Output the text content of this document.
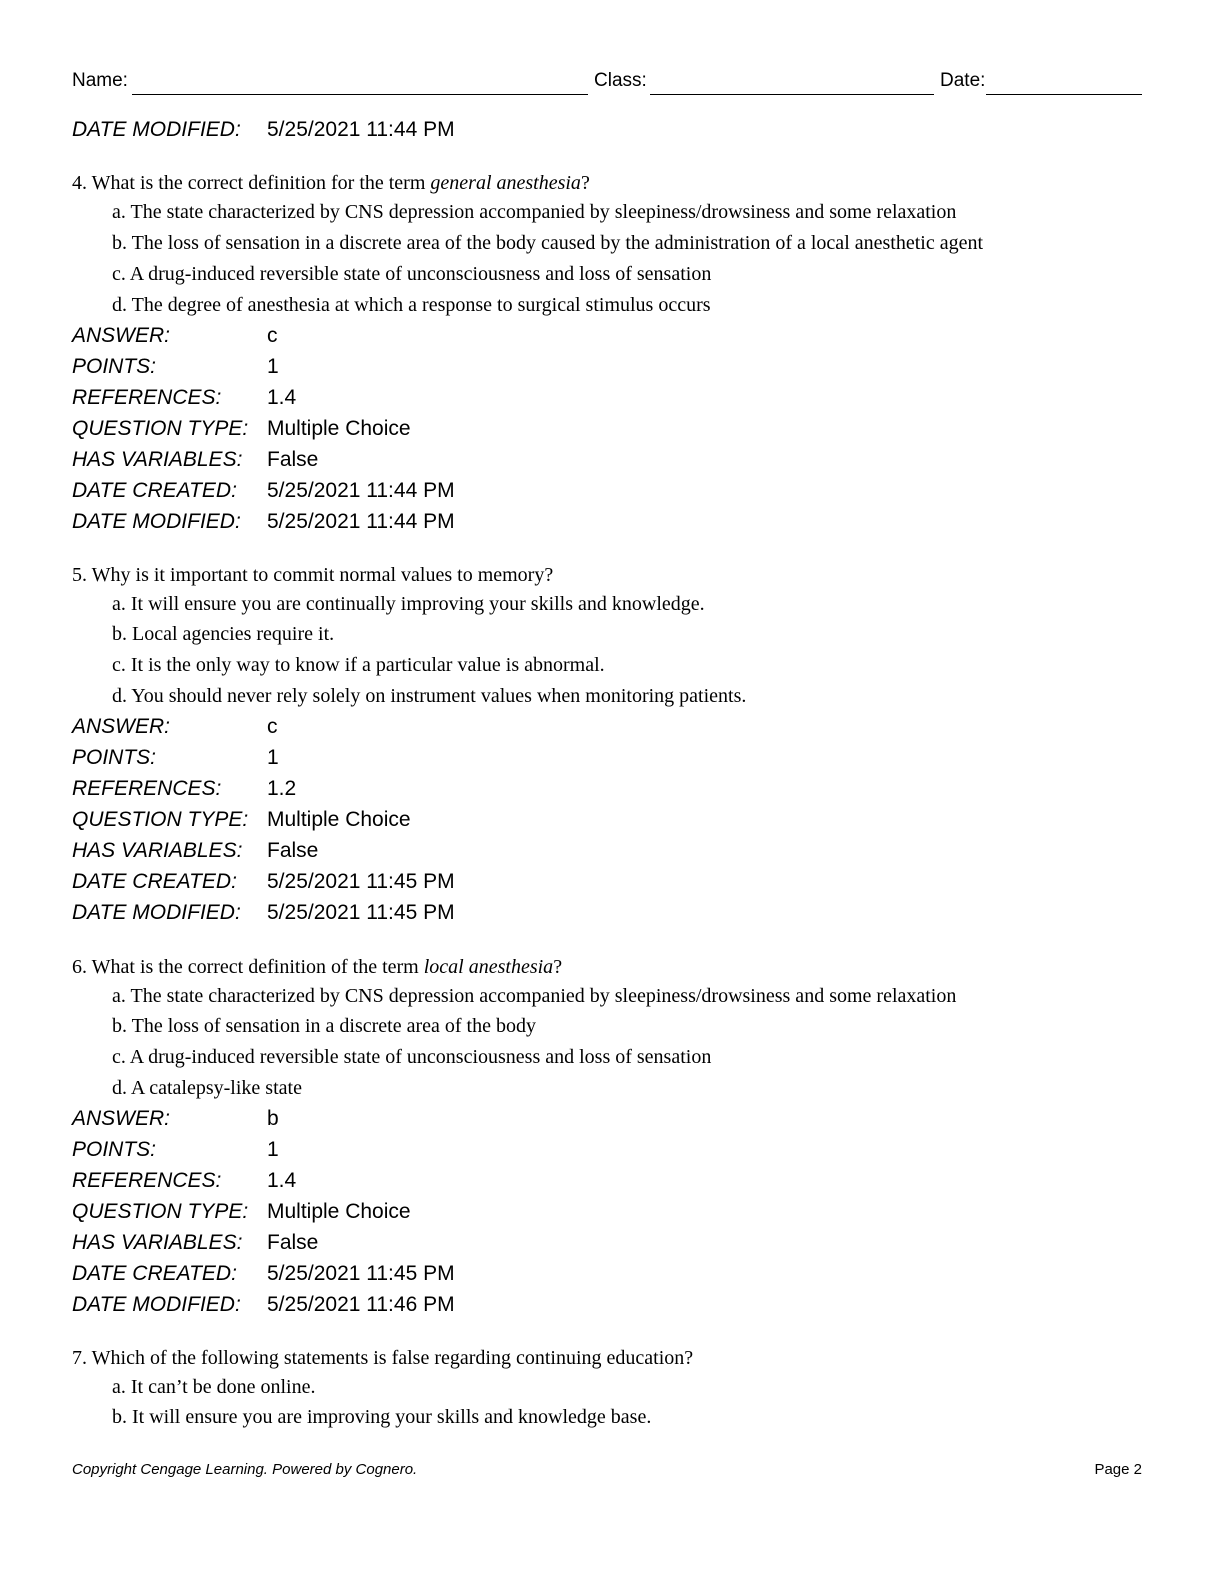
Name:	Class:	Date:
DATE MODIFIED: 5/25/2021 11:44 PM
4. What is the correct definition for the term general anesthesia?
a. The state characterized by CNS depression accompanied by sleepiness/drowsiness and some relaxation
b. The loss of sensation in a discrete area of the body caused by the administration of a local anesthetic agent
c. A drug-induced reversible state of unconsciousness and loss of sensation
d. The degree of anesthesia at which a response to surgical stimulus occurs
ANSWER:	c
POINTS:	1
REFERENCES: 1.4
QUESTION TYPE: Multiple Choice
HAS VARIABLES: False
DATE CREATED: 5/25/2021 11:44 PM
DATE MODIFIED: 5/25/2021 11:44 PM
5. Why is it important to commit normal values to memory?
a. It will ensure you are continually improving your skills and knowledge.
b. Local agencies require it.
c. It is the only way to know if a particular value is abnormal.
d. You should never rely solely on instrument values when monitoring patients.
ANSWER:	c
POINTS:	1
REFERENCES: 1.2
QUESTION TYPE: Multiple Choice
HAS VARIABLES: False
DATE CREATED: 5/25/2021 11:45 PM
DATE MODIFIED: 5/25/2021 11:45 PM
6. What is the correct definition of the term local anesthesia?
a. The state characterized by CNS depression accompanied by sleepiness/drowsiness and some relaxation
b. The loss of sensation in a discrete area of the body
c. A drug-induced reversible state of unconsciousness and loss of sensation
d. A catalepsy-like state
ANSWER:	b
POINTS:	1
REFERENCES: 1.4
QUESTION TYPE: Multiple Choice
HAS VARIABLES: False
DATE CREATED: 5/25/2021 11:45 PM
DATE MODIFIED: 5/25/2021 11:46 PM
7. Which of the following statements is false regarding continuing education?
a. It can’t be done online.
b. It will ensure you are improving your skills and knowledge base.
Copyright Cengage Learning. Powered by Cognero.	Page 2
